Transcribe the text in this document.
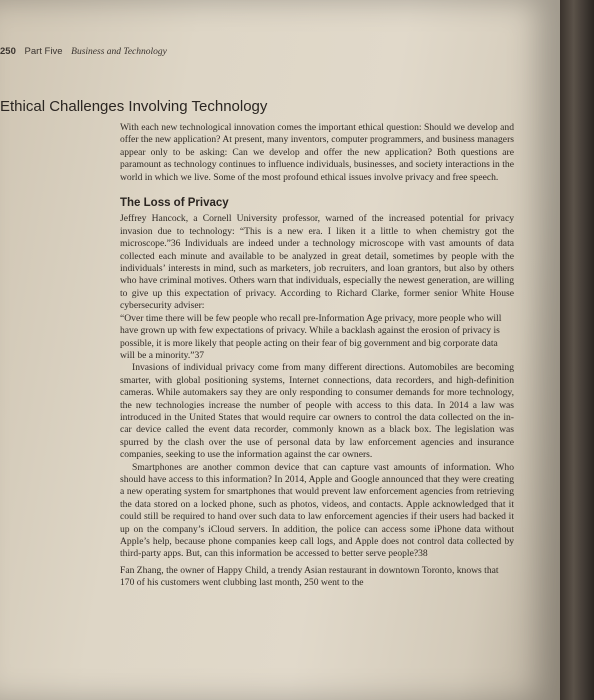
250 Part Five Business and Technology
Ethical Challenges Involving Technology

With each new technological innovation comes the important ethical question: Should we develop and offer the new application? At present, many inventors, computer programmers, and business managers appear only to be asking: Can we develop and offer the new application? Both questions are paramount as technology continues to influence individuals, businesses, and society interactions in the world in which we live. Some of the most profound ethical issues involve privacy and free speech.

The Loss of Privacy

Jeffrey Hancock, a Cornell University professor, warned of the increased potential for privacy invasion due to technology: “This is a new era. I liken it a little to when chemistry got the microscope.”36 Individuals are indeed under a technology microscope with vast amounts of data collected each minute and available to be analyzed in great detail, sometimes by people with the individuals’ interests in mind, such as marketers, job recruiters, and loan grantors, but also by others who have criminal motives. Others warn that individuals, especially the newest generation, are willing to give up this expectation of privacy. According to Richard Clarke, former senior White House cybersecurity adviser:

“Over time there will be few people who recall pre-Information Age privacy, more people who will have grown up with few expectations of privacy. While a backlash against the erosion of privacy is possible, it is more likely that people acting on their fear of big government and big corporate data will be a minority.”37

Invasions of individual privacy come from many different directions. Automobiles are becoming smarter, with global positioning systems, Internet connections, data recorders, and high-definition cameras. While automakers say they are only responding to consumer demands for more technology, the new technologies increase the number of people with access to this data. In 2014 a law was introduced in the United States that would require car owners to control the data collected on the in-car device called the event data recorder, commonly known as a black box. The legislation was spurred by the clash over the use of personal data by law enforcement agencies and insurance companies, seeking to use the information against the car owners.

Smartphones are another common device that can capture vast amounts of information. Who should have access to this information? In 2014, Apple and Google announced that they were creating a new operating system for smartphones that would prevent law enforcement agencies from retrieving the data stored on a locked phone, such as photos, videos, and contacts. Apple acknowledged that it could still be required to hand over such data to law enforcement agencies if their users had backed it up on the company’s iCloud servers. In addition, the police can access some iPhone data without Apple’s help, because phone companies keep call logs, and Apple does not control data collected by third-party apps. But, can this information be accessed to better serve people?38

Fan Zhang, the owner of Happy Child, a trendy Asian restaurant in downtown Toronto, knows that 170 of his customers went clubbing last month, 250 went to the
